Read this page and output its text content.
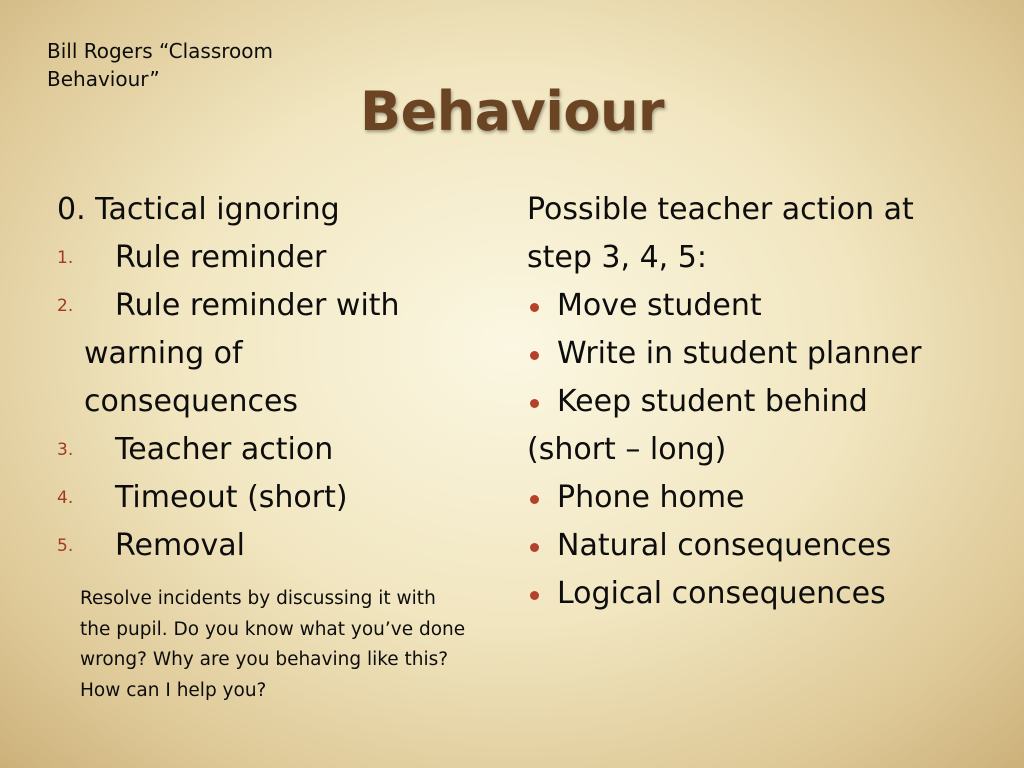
Bill Rogers “Classroom Behaviour”
Behaviour
0. Tactical ignoring
1. Rule reminder
2. Rule reminder with
warning of
consequences
3. Teacher action
4. Timeout (short)
5. Removal
Resolve incidents by discussing it with the pupil. Do you know what you’ve done wrong? Why are you behaving like this? How can I help you?
Possible teacher action at
step 3, 4, 5:
Move student
Write in student planner
Keep student behind
(short – long)
Phone home
Natural consequences
Logical consequences
